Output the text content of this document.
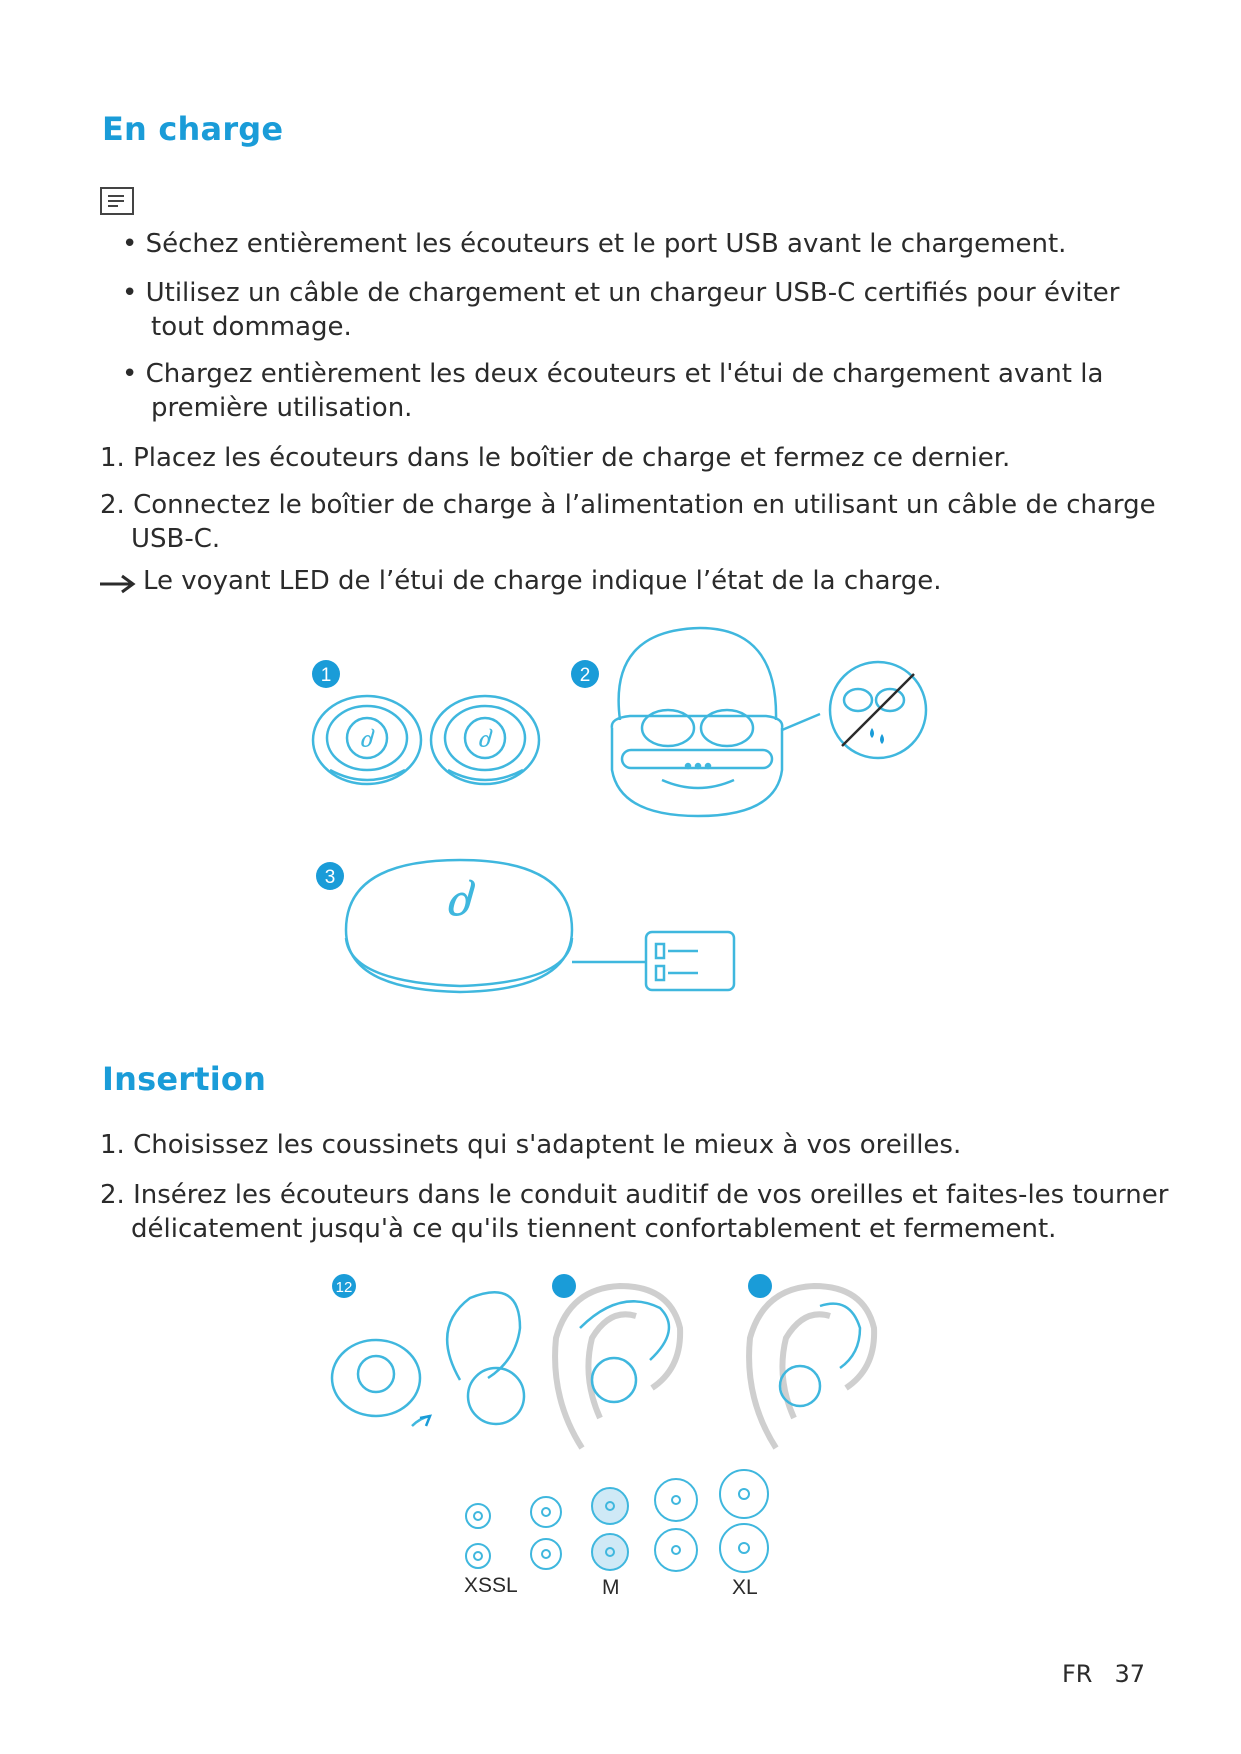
En charge

• Séchez entièrement les écouteurs et le port USB avant le chargement.

• Utilisez un câble de chargement et un chargeur USB-C certifiés pour éviter

tout dommage.

• Chargez entièrement les deux écouteurs et l'étui de chargement avant la

première utilisation.

1. Placez les écouteurs dans le boîtier de charge et fermez ce dernier.

2. Connectez le boîtier de charge à l’alimentation en utilisant un câble de charge

USB-C.

Le voyant LED de l’étui de charge indique l’état de la charge.

ძ	ძ
ძ
1	2
3
Insertion

1. Choisissez les coussinets qui s'adaptent le mieux à vos oreilles.

2. Insérez les écouteurs dans le conduit auditif de vos oreilles et faites-les tourner

délicatement jusqu'à ce qu'ils tiennent confortablement et fermement.

12
XSSL	M	XL
FR 37
